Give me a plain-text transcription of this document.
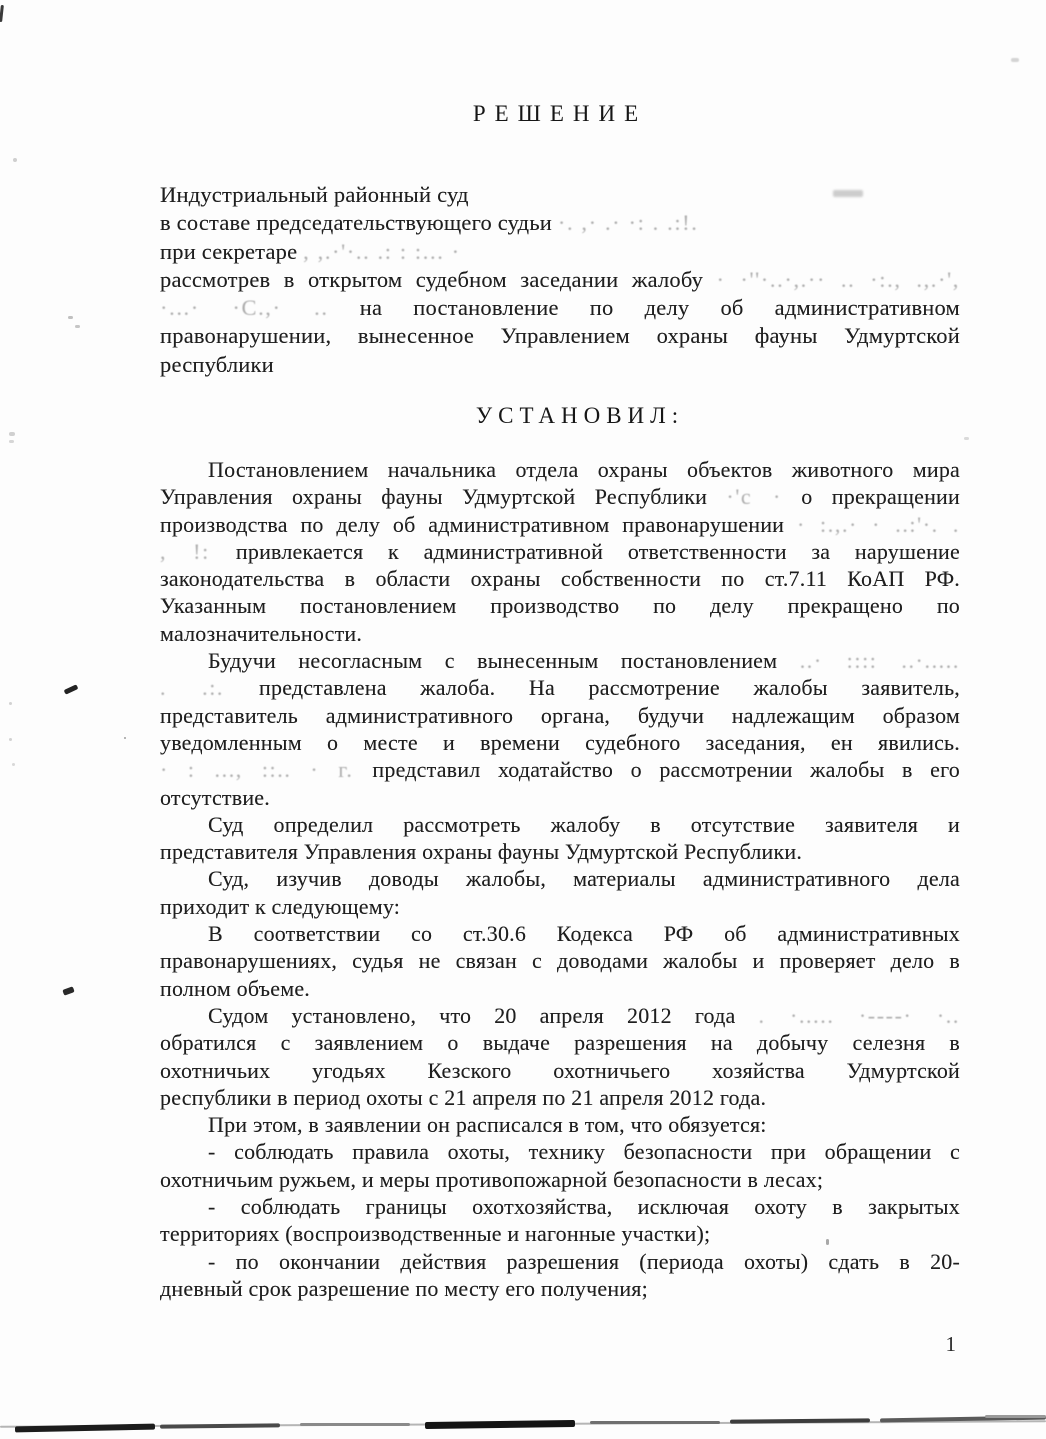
РЕШЕНИЕ
Индустриальный районный суд
в составе председательствующего судьи ·. ,· .· ·: . .:!.
при секретаре , ,.·'·.. .: : :... ·
рассмотрев в открытом судебном заседании жалобу · ·''·..·,.·· .. ·:., .,.·',
·...· ·С.,· .. на постановление по делу об административном
правонарушении, вынесенное Управлением охраны фауны Удмуртской
республики
УСТАНОВИЛ:
Постановлением начальника отдела охраны объектов животного мира
Управления охраны фауны Удмуртской Республики ·'с · о прекращении
производства по делу об административном правонарушении · :.,.· · ..:'·. .
, !: привлекается к административной ответственности за нарушение
законодательства в области охраны собственности по ст.7.11 КоАП РФ.
Указанным постановлением производство по делу прекращено по
малозначительности.
Будучи несогласным с вынесенным постановлением ..· :::: ..·.....
. .:. представлена жалоба. На рассмотрение жалобы заявитель,
представитель административного органа, будучи надлежащим образом
уведомленным о месте и времени судебного заседания, ен явились.
· : ..., ::.. · г. представил ходатайство о рассмотрении жалобы в его
отсутствие.
Суд определил рассмотреть жалобу в отсутствие заявителя и
представителя Управления охраны фауны Удмуртской Республики.
Суд, изучив доводы жалобы, материалы административного дела
приходит к следующему:
В соответствии со ст.30.6 Кодекса РФ об административных
правонарушениях, судья не связан с доводами жалобы и проверяет дело в
полном объеме.
Судом установлено, что 20 апреля 2012 года . ·..... ·----· ·..
обратился с заявлением о выдаче разрешения на добычу селезня в
охотничьих угодьях Кезского охотничьего хозяйства Удмуртской
республики в период охоты с 21 апреля по 21 апреля 2012 года.
При этом, в заявлении он расписался в том, что обязуется:
- соблюдать правила охоты, технику безопасности при обращении с
охотничьим ружьем, и меры противопожарной безопасности в лесах;
- соблюдать границы охотхозяйства, исключая охоту в закрытых
территориях (воспроизводственные и нагонные участки);
- по окончании действия разрешения (периода охоты) сдать в 20-
дневный срок разрешение по месту его получения;
1
